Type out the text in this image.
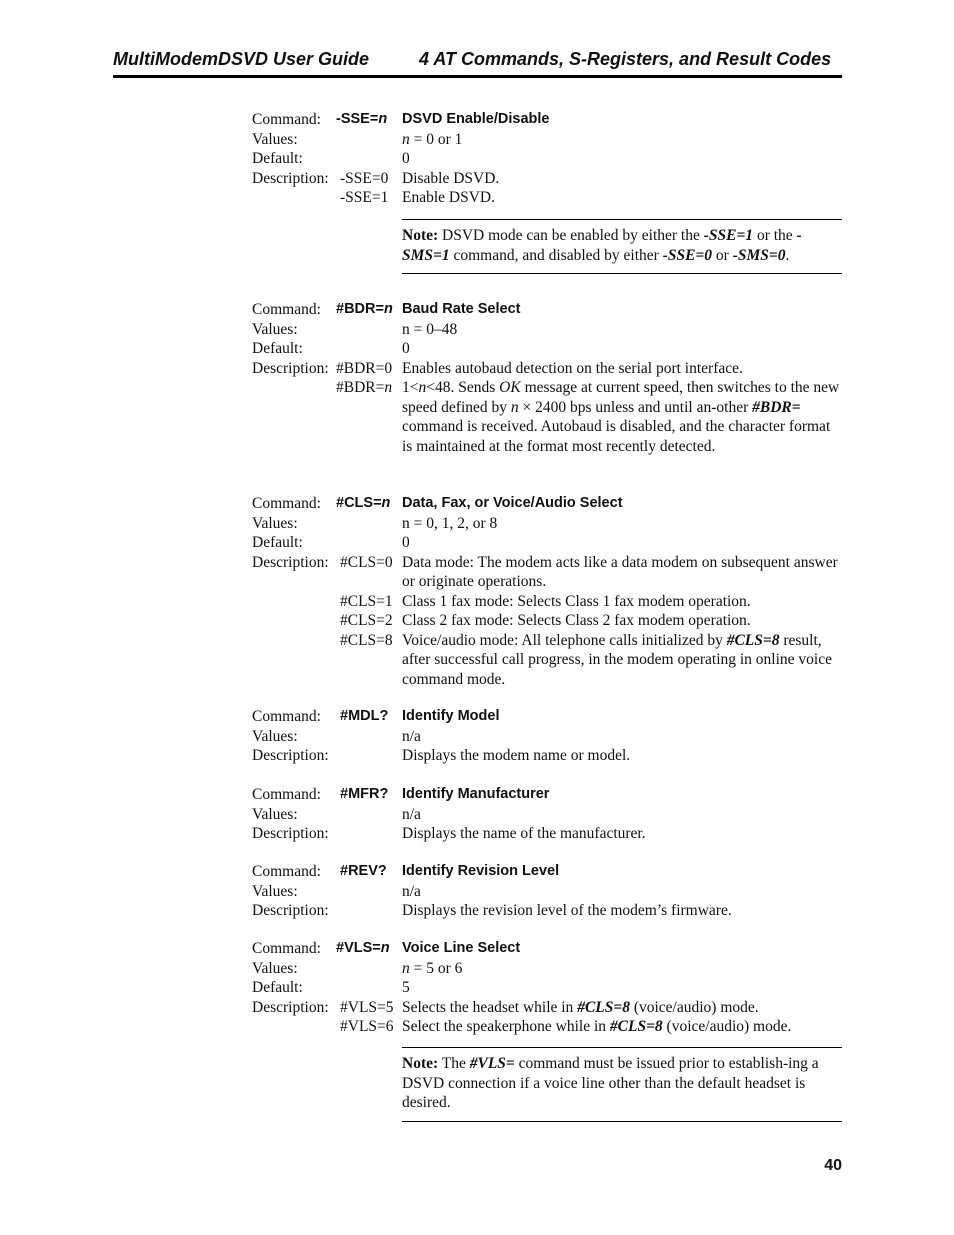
MultiModemDSVD User Guide	4 AT Commands, S-Registers, and Result Codes
Command: -SSE=n DSVD Enable/Disable
Values:	n = 0 or 1
Default:	0
Description: -SSE=0 Disable DSVD.
-SSE=1 Enable DSVD.
Note: DSVD mode can be enabled by either the -SSE=1 or the -SMS=1 command, and disabled by either -SSE=0 or -SMS=0.
Command: #BDR=n Baud Rate Select
Values:	n = 0–48
Default:	0
Description: #BDR=0 Enables autobaud detection on the serial port interface.
#BDR=n 1<n<48. Sends OK message at current speed, then switches to the new speed defined by n × 2400 bps unless and until an-other #BDR= command is received. Autobaud is disabled, and the character format is maintained at the format most recently detected.
Command: #CLS=n Data, Fax, or Voice/Audio Select
Values:	n = 0, 1, 2, or 8
Default:	0
Description: #CLS=0 Data mode: The modem acts like a data modem on subsequent answer or originate operations.
#CLS=1 Class 1 fax mode: Selects Class 1 fax modem operation.
#CLS=2 Class 2 fax mode: Selects Class 2 fax modem operation.
#CLS=8 Voice/audio mode: All telephone calls initialized by #CLS=8 result, after successful call progress, in the modem operating in online voice command mode.
Command: #MDL? Identify Model
Values:	n/a
Description:	Displays the modem name or model.
Command: #MFR? Identify Manufacturer
Values:	n/a
Description:	Displays the name of the manufacturer.
Command: #REV? Identify Revision Level
Values:	n/a
Description:	Displays the revision level of the modem’s firmware.
Command: #VLS=n Voice Line Select
Values:	n = 5 or 6
Default:	5
Description: #VLS=5 Selects the headset while in #CLS=8 (voice/audio) mode.
#VLS=6 Select the speakerphone while in #CLS=8 (voice/audio) mode.
Note: The #VLS= command must be issued prior to establish-ing a DSVD connection if a voice line other than the default headset is desired.
40
